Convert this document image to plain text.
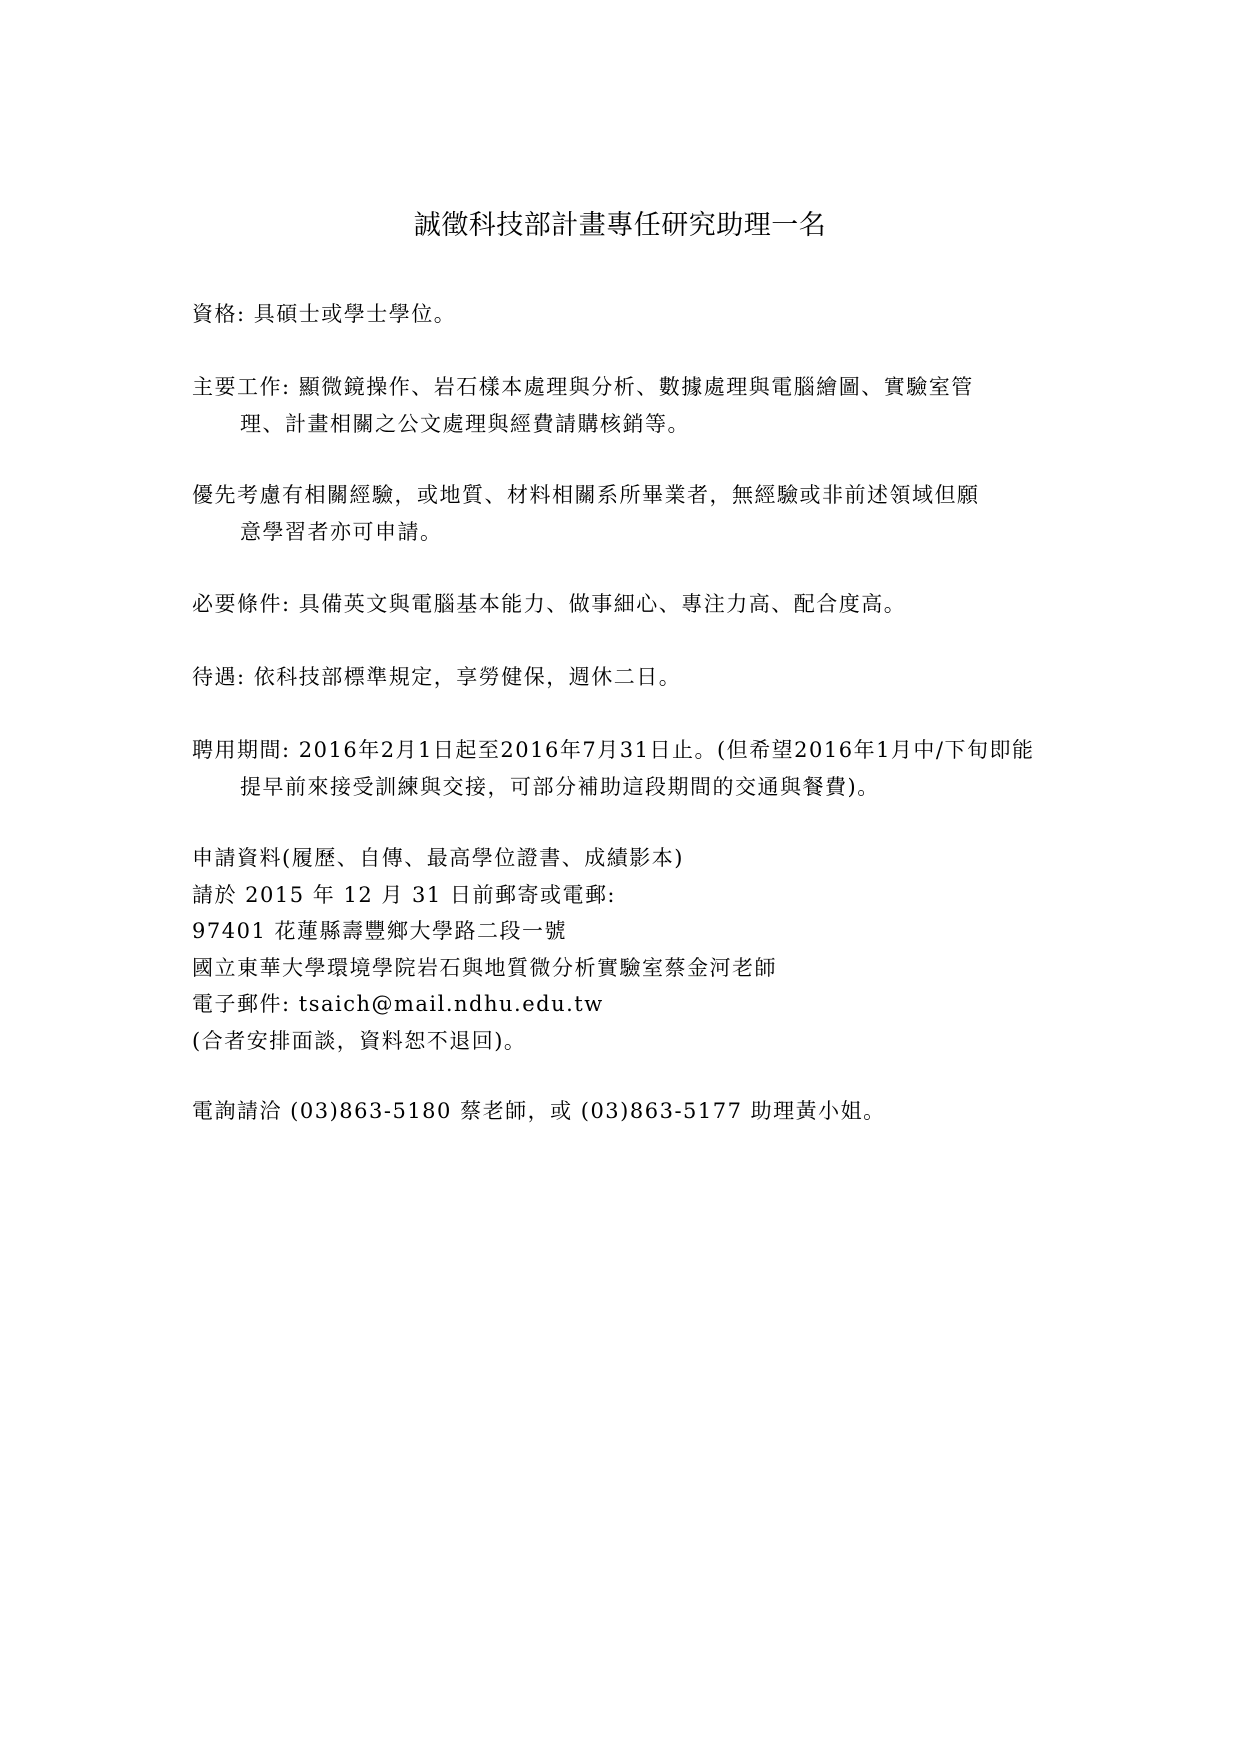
誠徵科技部計畫專任研究助理一名
資格: 具碩士或學士學位。
主要工作: 顯微鏡操作、岩石樣本處理與分析、數據處理與電腦繪圖、實驗室管
理、計畫相關之公文處理與經費請購核銷等。
優先考慮有相關經驗，或地質、材料相關系所畢業者，無經驗或非前述領域但願
意學習者亦可申請。
必要條件: 具備英文與電腦基本能力、做事細心、專注力高、配合度高。
待遇: 依科技部標準規定，享勞健保，週休二日。
聘用期間: 2016年2月1日起至2016年7月31日止。(但希望2016年1月中/下旬即能
提早前來接受訓練與交接，可部分補助這段期間的交通與餐費)。
申請資料(履歷、自傳、最高學位證書、成績影本)
請於 2015 年 12 月 31 日前郵寄或電郵:
97401 花蓮縣壽豐鄉大學路二段一號
國立東華大學環境學院岩石與地質微分析實驗室蔡金河老師
電子郵件: tsaich@mail.ndhu.edu.tw
(合者安排面談，資料恕不退回)。
電詢請洽 (03)863-5180 蔡老師，或 (03)863-5177 助理黃小姐。
